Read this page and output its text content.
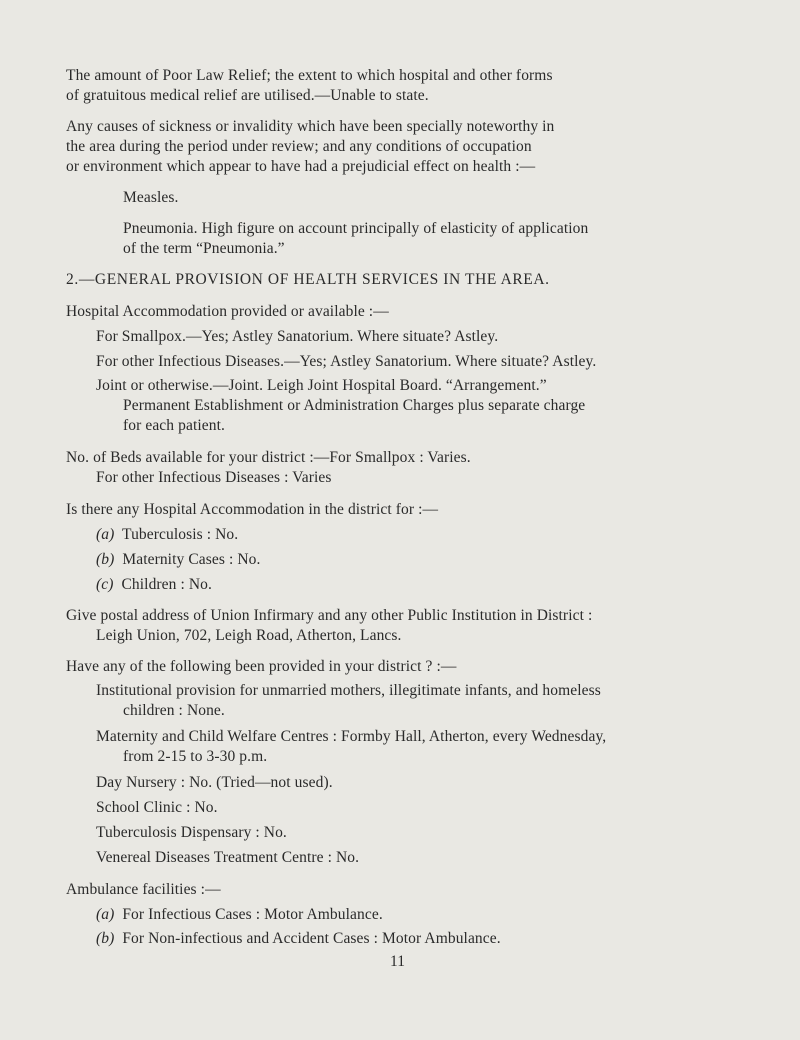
The amount of Poor Law Relief; the extent to which hospital and other forms
of gratuitous medical relief are utilised.—Unable to state.
Any causes of sickness or invalidity which have been specially noteworthy in
the area during the period under review; and any conditions of occupation
or environment which appear to have had a prejudicial effect on health :—
Measles.
Pneumonia. High figure on account principally of elasticity of application
of the term “Pneumonia.”
2.—GENERAL PROVISION OF HEALTH SERVICES IN THE AREA.
Hospital Accommodation provided or available :—
For Smallpox.—Yes; Astley Sanatorium. Where situate? Astley.
For other Infectious Diseases.—Yes; Astley Sanatorium. Where situate? Astley.
Joint or otherwise.—Joint. Leigh Joint Hospital Board. “Arrangement.”
Permanent Establishment or Administration Charges plus separate charge
for each patient.
No. of Beds available for your district :—For Smallpox : Varies.
For other Infectious Diseases : Varies
Is there any Hospital Accommodation in the district for :—
(a) Tuberculosis : No.
(b) Maternity Cases : No.
(c) Children : No.
Give postal address of Union Infirmary and any other Public Institution in District :
Leigh Union, 702, Leigh Road, Atherton, Lancs.
Have any of the following been provided in your district ? :—
Institutional provision for unmarried mothers, illegitimate infants, and homeless
children : None.
Maternity and Child Welfare Centres : Formby Hall, Atherton, every Wednesday,
from 2-15 to 3-30 p.m.
Day Nursery : No. (Tried—not used).
School Clinic : No.
Tuberculosis Dispensary : No.
Venereal Diseases Treatment Centre : No.
Ambulance facilities :—
(a) For Infectious Cases : Motor Ambulance.
(b) For Non-infectious and Accident Cases : Motor Ambulance.
11
